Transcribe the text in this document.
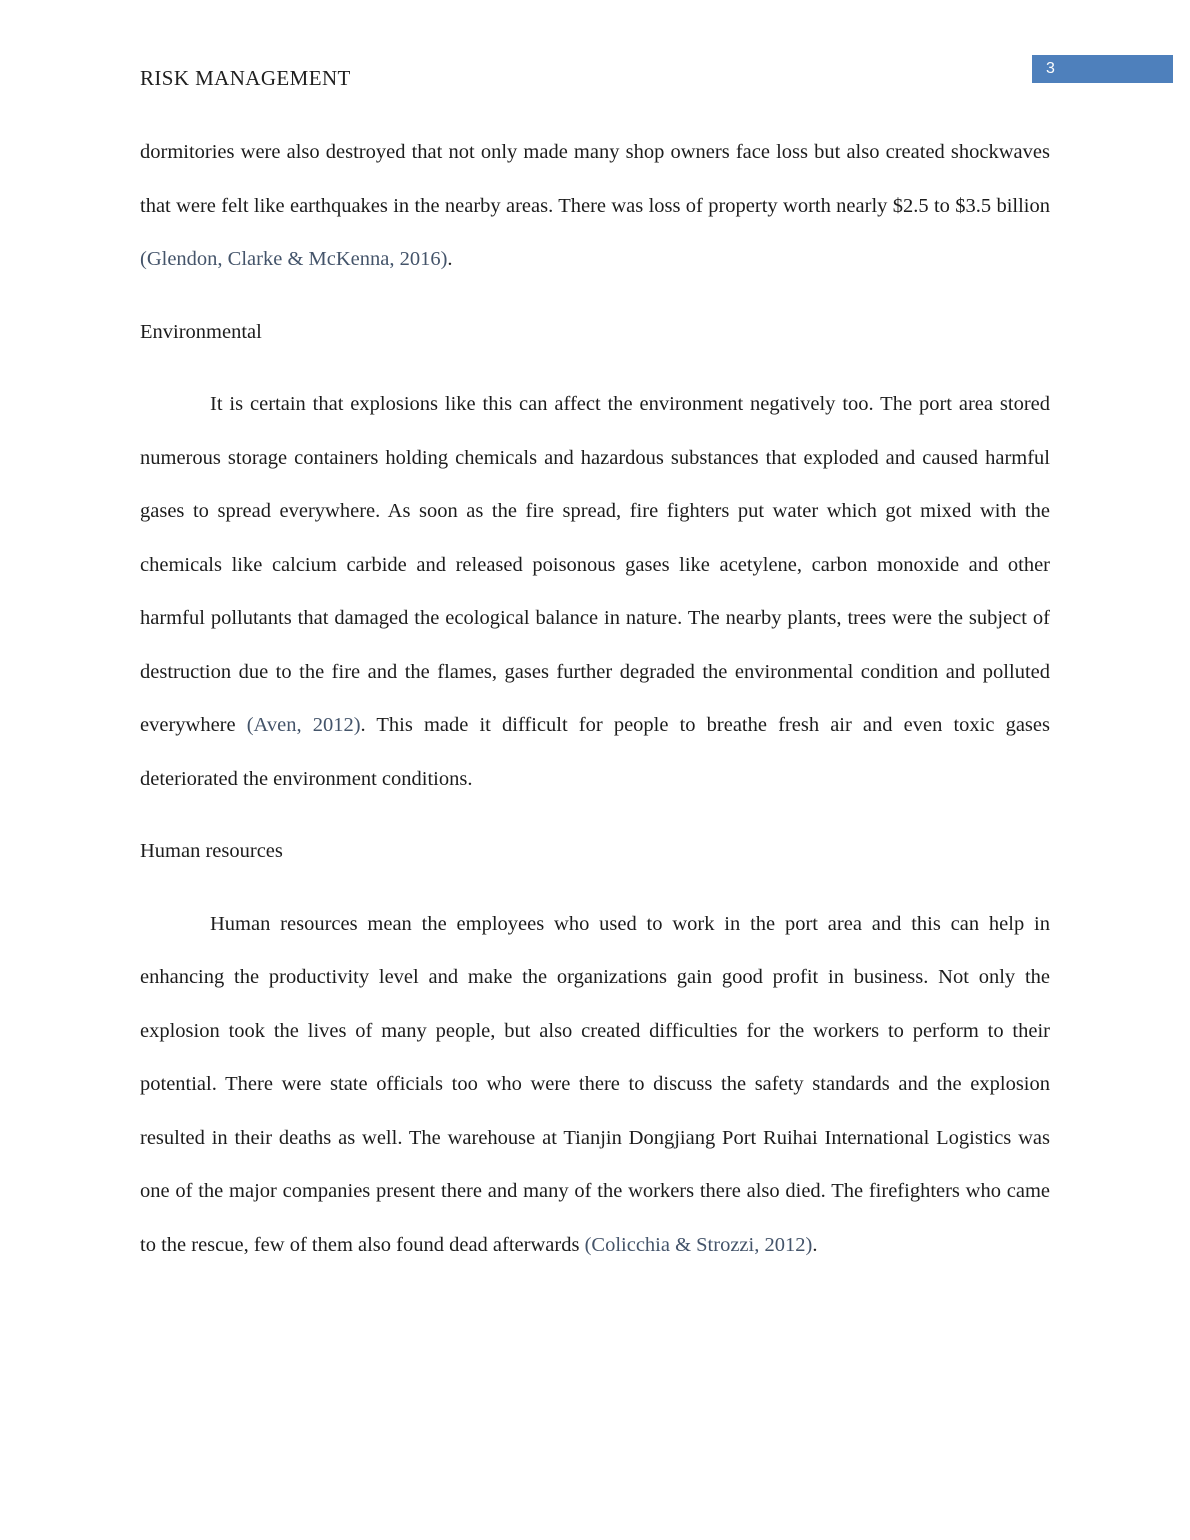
RISK MANAGEMENT	3

dormitories were also destroyed that not only made many shop owners face loss but also created shockwaves that were felt like earthquakes in the nearby areas. There was loss of property worth nearly $2.5 to $3.5 billion (Glendon, Clarke & McKenna, 2016).

Environmental

It is certain that explosions like this can affect the environment negatively too. The port area stored numerous storage containers holding chemicals and hazardous substances that exploded and caused harmful gases to spread everywhere. As soon as the fire spread, fire fighters put water which got mixed with the chemicals like calcium carbide and released poisonous gases like acetylene, carbon monoxide and other harmful pollutants that damaged the ecological balance in nature. The nearby plants, trees were the subject of destruction due to the fire and the flames, gases further degraded the environmental condition and polluted everywhere (Aven, 2012). This made it difficult for people to breathe fresh air and even toxic gases deteriorated the environment conditions.

Human resources

Human resources mean the employees who used to work in the port area and this can help in enhancing the productivity level and make the organizations gain good profit in business. Not only the explosion took the lives of many people, but also created difficulties for the workers to perform to their potential. There were state officials too who were there to discuss the safety standards and the explosion resulted in their deaths as well. The warehouse at Tianjin Dongjiang Port Ruihai International Logistics was one of the major companies present there and many of the workers there also died. The firefighters who came to the rescue, few of them also found dead afterwards (Colicchia & Strozzi, 2012).
